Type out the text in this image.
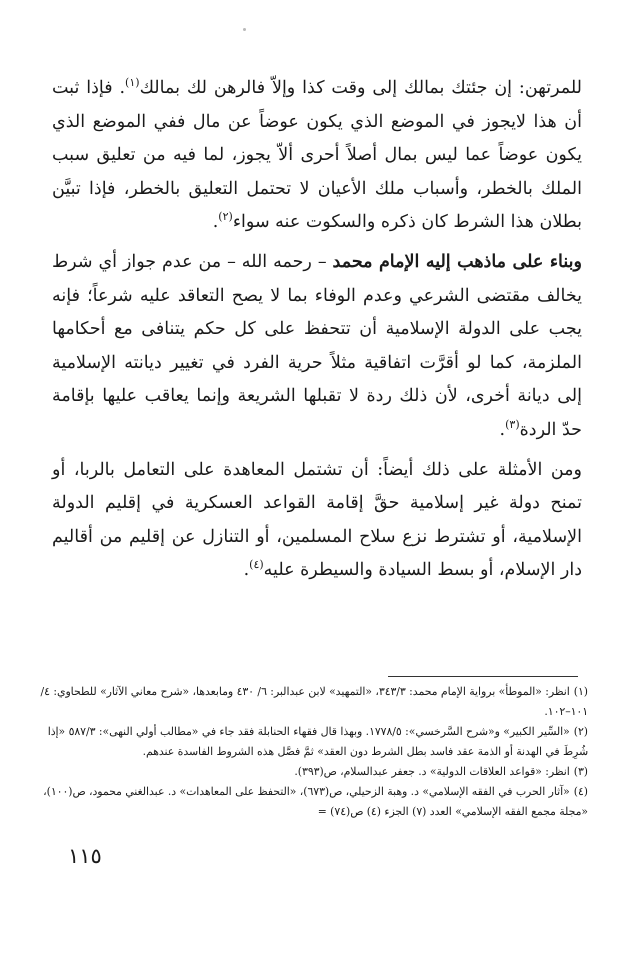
للمرتهن: إن جئتك بمالك إلى وقت كذا وإلاّ فالرهن لك بمالك$^{(١)}$. فإذا ثبت أن هذا لايجوز في الموضع الذي يكون عوضاً عن مال ففي الموضع الذي يكون عوضاً عما ليس بمال أصلاً أحرى ألاّ يجوز، لما فيه من تعليق سبب الملك بالخطر، وأسباب ملك الأعيان لا تحتمل التعليق بالخطر، فإذا تبيَّن بطلان هذا الشرط كان ذكره والسكوت عنه سواء$^{(٢)}$.

وبناء على ماذهب إليه الإمام محمد – رحمه الله – من عدم جواز أي شرط يخالف مقتضى الشرعي وعدم الوفاء بما لا يصح التعاقد عليه شرعاً؛ فإنه يجب على الدولة الإسلامية أن تتحفظ على كل حكم يتنافى مع أحكامها الملزمة، كما لو أقرَّت اتفاقية مثلاً حرية الفرد في تغيير ديانته الإسلامية إلى ديانة أخرى، لأن ذلك ردة لا تقبلها الشريعة وإنما يعاقب عليها بإقامة حدّ الردة$^{(٣)}$.

ومن الأمثلة على ذلك أيضاً: أن تشتمل المعاهدة على التعامل بالربا، أو تمنح دولة غير إسلامية حقَّ إقامة القواعد العسكرية في إقليم الدولة الإسلامية، أو تشترط نزع سلاح المسلمين، أو التنازل عن إقليم من أقاليم دار الإسلام، أو بسط السيادة والسيطرة عليه$^{(٤)}$.

(١)انظر: «الموطأ» برواية الإمام محمد: ٣٤٣/٣، «التمهيد» لابن عبدالبر: ٦/ ٤٣٠ ومابعدها، «شرح معاني الآثار» للطحاوي: ٤/ ١٠١–١٠٢.

(٢)«السِّير الكبير» و«شرح السَّرخسي»: ١٧٧٨/٥. وبهذا قال فقهاء الحنابلة فقد جاء في «مطالب أولي النهى»: ٥٨٧/٣ «إذا شُرِطَ في الهدنة أو الذمة عقد فاسد بطل الشرط دون العقد» ثمَّ فصَّل هذه الشروط الفاسدة عندهم.

(٣)انظر: «قواعد العلاقات الدولية» د. جعفر عبدالسلام، ص(٣٩٣).

(٤)«آثار الحرب في الفقه الإسلامي» د. وهبة الزحيلي، ص(٦٧٣)، «التحفظ على المعاهدات» د. عبدالغني محمود، ص(١٠٠)، «مجلة مجمع الفقه الإسلامي» العدد (٧) الجزء (٤) ص(٧٤) =

١١٥
